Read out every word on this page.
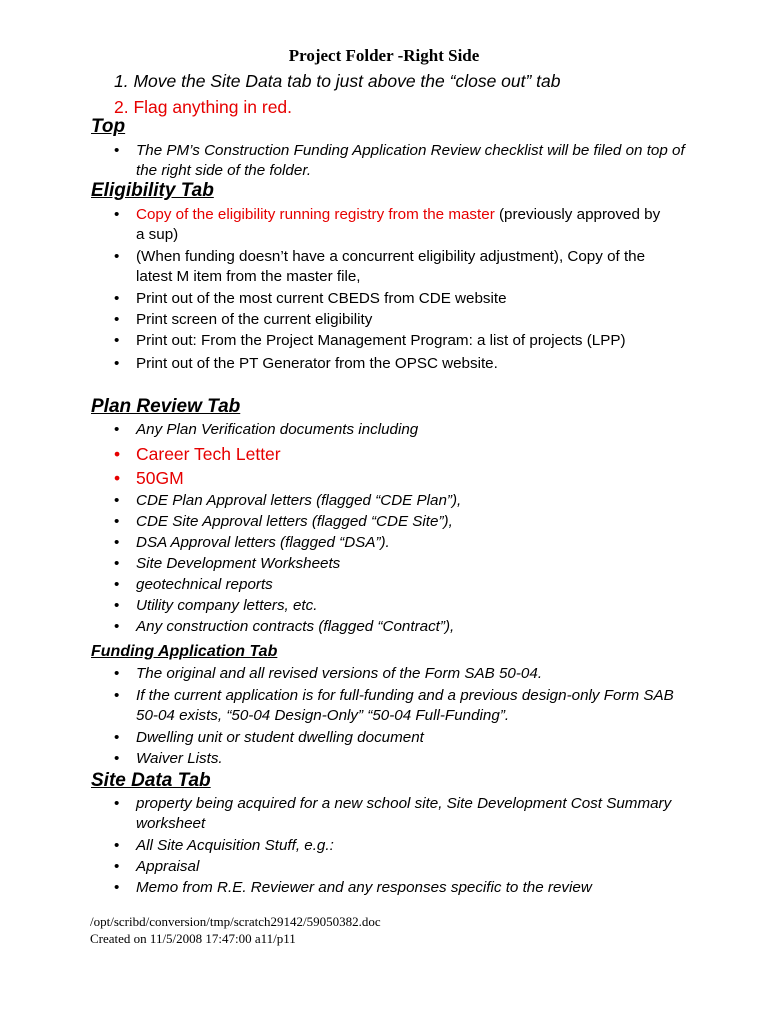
Project Folder -Right Side
1. Move the Site Data tab to just above the “close out” tab
2. Flag anything in red.
Top
• The PM’s Construction Funding Application Review checklist will be filed on top of the right side of the folder.
Eligibility Tab
• Copy of the eligibility running registry from the master (previously approved by a sup)
• (When funding doesn’t have a concurrent eligibility adjustment), Copy of the latest M item from the master file,
• Print out of the most current CBEDS from CDE website
• Print screen of the current eligibility
• Print out: From the Project Management Program: a list of projects (LPP)
• Print out of the PT Generator from the OPSC website.
Plan Review Tab
• Any Plan Verification documents including
• Career Tech Letter
• 50GM
• CDE Plan Approval letters (flagged “CDE Plan”),
• CDE Site Approval letters (flagged “CDE Site”),
• DSA Approval letters (flagged “DSA”).
• Site Development Worksheets
• geotechnical reports
• Utility company letters, etc.
• Any construction contracts (flagged “Contract”),
Funding Application Tab
• The original and all revised versions of the Form SAB 50-04.
• If the current application is for full-funding and a previous design-only Form SAB 50-04 exists, “50-04 Design-Only” “50-04 Full-Funding”.
• Dwelling unit or student dwelling document
• Waiver Lists.
Site Data Tab
• property being acquired for a new school site, Site Development Cost Summary worksheet
• All Site Acquisition Stuff, e.g.:
• Appraisal
• Memo from R.E. Reviewer and any responses specific to the review
/opt/scribd/conversion/tmp/scratch29142/59050382.doc
Created on 11/5/2008 17:47:00 a11/p11
